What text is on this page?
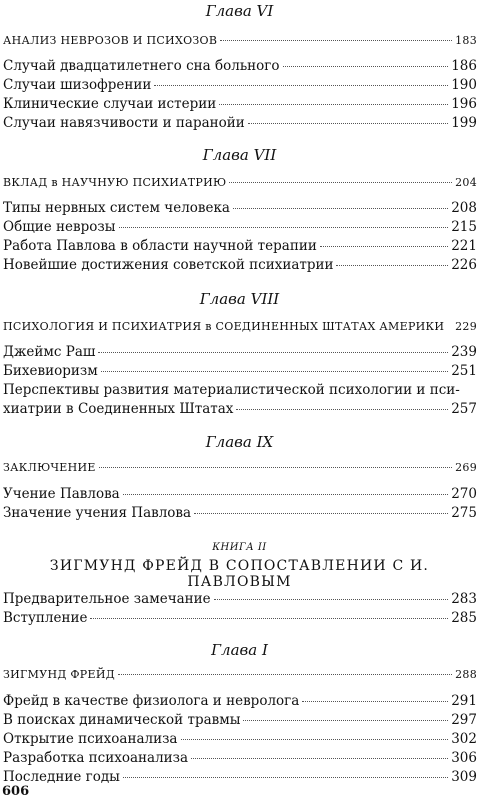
Глава VI
АНАЛИЗ НЕВРОЗОВ И ПСИХОЗОВ	183
Случай двадцатилетнего сна больного	186
Случаи шизофрении	190
Клинические случаи истерии	196
Случаи навязчивости и паранойи	199
Глава VII
ВКЛАД в НАУЧНУЮ ПСИХИАТРИЮ	204
Типы нервных систем человека	208
Общие неврозы	215
Работа Павлова в области научной терапии	221
Новейшие достижения советской психиатрии	226
Глава VIII
ПСИХОЛОГИЯ И ПСИХИАТРИЯ в СОЕДИНЕННЫХ ШТАТАХ АМЕРИКИ 229
Джеймс Раш	239
Бихевиоризм	251
Перспективы развития материалистической психологии и пси-
хиатрии в Соединенных Штатах	257
Глава IX
ЗАКЛЮЧЕНИЕ	269
Учение Павлова	270
Значение учения Павлова	275
КНИГА II
ЗИГМУНД ФРЕЙД В СОПОСТАВЛЕНИИ С И. ПАВЛОВЫМ
Предварительное замечание	283
Вступление	285
Глава I
ЗИГМУНД ФРЕЙД	288
Фрейд в качестве физиолога и невролога	291
В поисках динамической травмы	297
Открытие психоанализа	302
Разработка психоанализа	306
Последние годы	309
606
